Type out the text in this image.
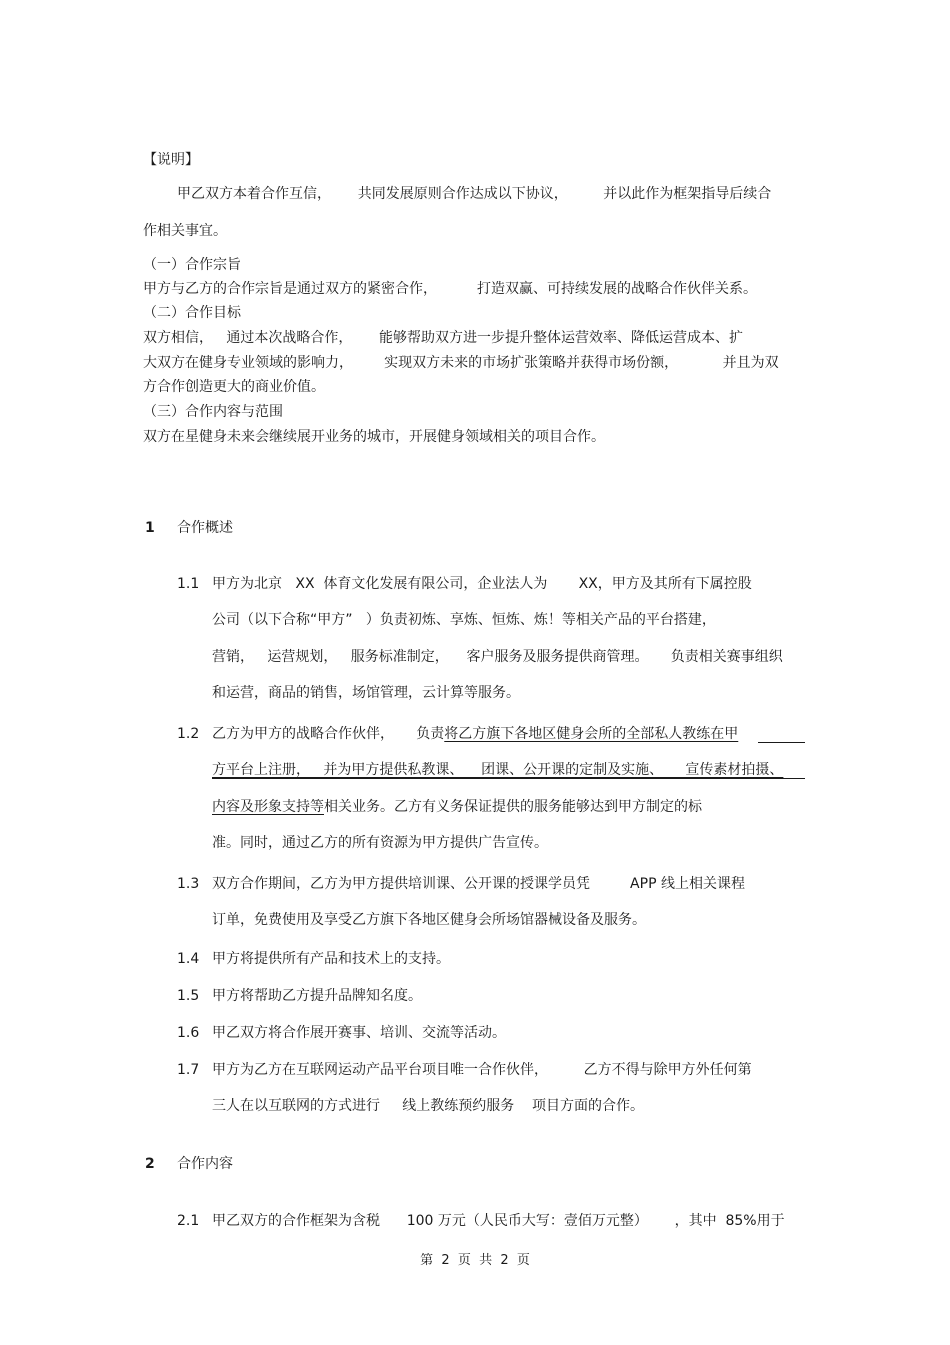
【说明】
甲乙双方本着合作互信，      共同发展原则合作达成以下协议，        并以此作为框架指导后续合
作相关事宜。
（一）合作宗旨
甲方与乙方的合作宗旨是通过双方的紧密合作，         打造双赢、可持续发展的战略合作伙伴关系。
（二）合作目标
双方相信，   通过本次战略合作，      能够帮助双方进一步提升整体运营效率、降低运营成本、扩
大双方在健身专业领域的影响力，       实现双方未来的市场扩张策略并获得市场份额，          并且为双
方合作创造更大的商业价值。
（三）合作内容与范围
双方在星健身未来会继续展开业务的城市，开展健身领域相关的项目合作。
1 合作概述
1.1 甲方为北京   XX  体育文化发展有限公司，企业法人为       XX，甲方及其所有下属控股
公司（以下合称“甲方”   ）负责初炼、享炼、恒炼、炼！等相关产品的平台搭建，
营销，   运营规划，   服务标准制定，    客户服务及服务提供商管理。     负责相关赛事组织
和运营，商品的销售，场馆管理，云计算等服务。
1.2 乙方为甲方的战略合作伙伴，     负责将乙方旗下各地区健身会所的全部私人教练在甲
方平台上注册，   并为甲方提供私教课、    团课、公开课的定制及实施、     宣传素材拍摄、
内容及形象支持等相关业务。乙方有义务保证提供的服务能够达到甲方制定的标
准。同时，通过乙方的所有资源为甲方提供广告宣传。
1.3 双方合作期间，乙方为甲方提供培训课、公开课的授课学员凭         APP 线上相关课程
订单，免费使用及享受乙方旗下各地区健身会所场馆器械设备及服务。
1.4 甲方将提供所有产品和技术上的支持。
1.5 甲方将帮助乙方提升品牌知名度。
1.6 甲乙双方将合作展开赛事、培训、交流等活动。
1.7 甲方为乙方在互联网运动产品平台项目唯一合作伙伴，        乙方不得与除甲方外任何第
三人在以互联网的方式进行     线上教练预约服务    项目方面的合作。
2 合作内容
2.1 甲乙双方的合作框架为含税      100 万元（人民币大写：壹佰万元整）      ，其中  85%用于
第  2  页  共  2  页
